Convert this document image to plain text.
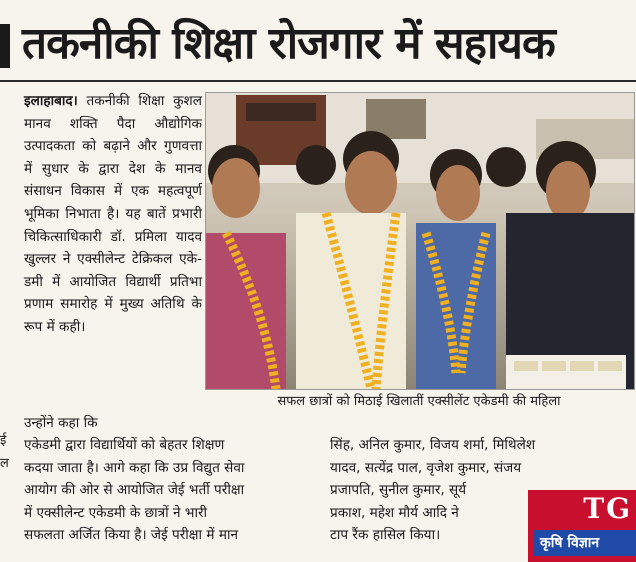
तकनीकी शिक्षा रोजगार में सहायक
इलाहाबाद। तकनीकी शिक्षा कुशल मानव शक्ति पैदा औद्योगिक उत्पादकता को बढ़ाने और गुणवत्ता में सुधार के द्वारा देश के मानव संसाधन विकास में एक महत्वपूर्ण भूमिका निभाता है। यह बातें प्रभारी चिकित्साधिकारी डॉ. प्रमिला यादव खुल्लर ने एक्सीलेन्ट टेक्रिकल एके-डमी में आयोजित विद्यार्थी प्रतिभा प्रणाम समारोह में मुख्य अतिथि के रूप में कही।
सफल छात्रों को मिठाई खिलातीं एक्सीलेंट एकेडमी की महिला
उन्होंने कहा कि
ई
ल
एकेडमी द्वारा विद्यार्थियों को बेहतर शिक्षण
कदया जाता है। आगे कहा कि उप्र विद्युत सेवा
आयोग की ओर से आयोजित जेई भर्ती परीक्षा
में एक्सीलेन्ट एकेडमी के छात्रों ने भारी
सफलता अर्जित किया है। जेई परीक्षा में मान
सिंह, अनिल कुमार, विजय शर्मा, मिथिलेश
यादव, सत्येंद्र पाल, वृजेश कुमार, संजय
प्रजापति, सुनील कुमार, सूर्य
प्रकाश, महेश मौर्य आदि ने
टाप रैंक हासिल किया।
TG
कृषि विज्ञान
